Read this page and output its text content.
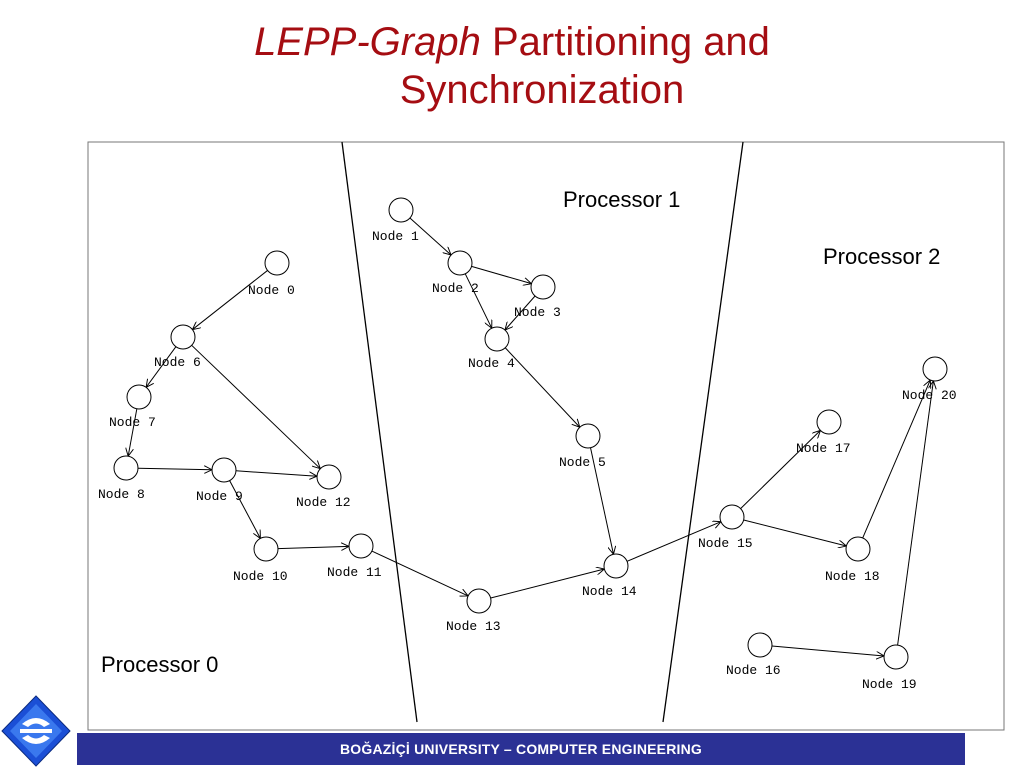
LEPP-Graph Partitioning and
Synchronization
Node 0
Node 1
Node 2
Node 3
Node 4
Node 5
Node 6
Node 7
Node 8	Node 9
Node 10	Node 11
Node 12
Node 13
Node 14
Node 15
Node 16
Node 17
Node 18
Node 19
Node 20
Processor 0
Processor 1
Processor 2
BOĞAZİÇİ UNIVERSITY – COMPUTER ENGINEERING
